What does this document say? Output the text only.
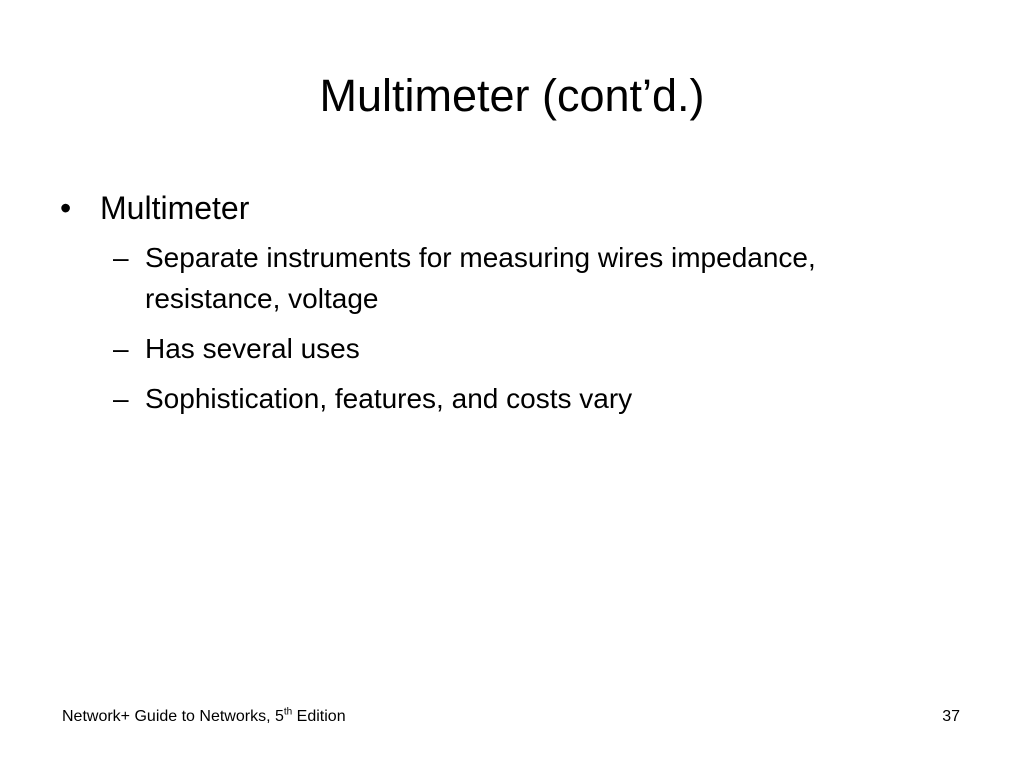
Multimeter (cont’d.)
• Multimeter
– Separate instruments for measuring wires impedance, resistance, voltage
– Has several uses
– Sophistication, features, and costs vary
Network+ Guide to Networks, 5th Edition	37
